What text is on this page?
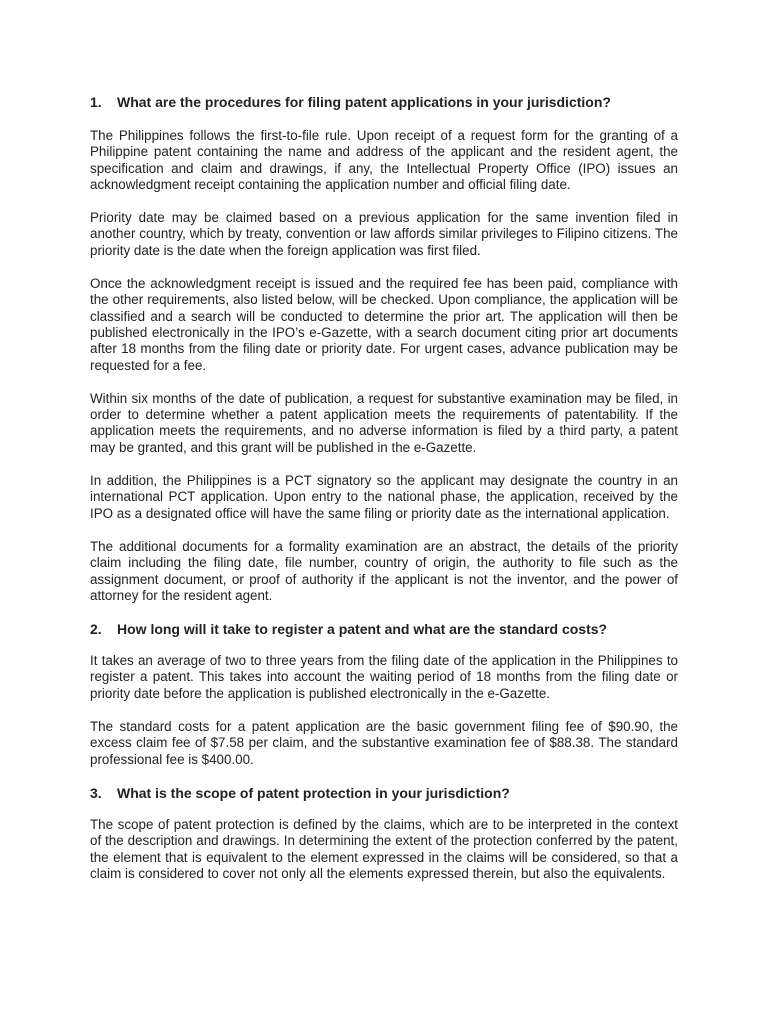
1.	What are the procedures for filing patent applications in your jurisdiction?

The Philippines follows the first-to-file rule. Upon receipt of a request form for the granting of a Philippine patent containing the name and address of the applicant and the resident agent, the specification and claim and drawings, if any, the Intellectual Property Office (IPO) issues an acknowledgment receipt containing the application number and official filing date.

Priority date may be claimed based on a previous application for the same invention filed in another country, which by treaty, convention or law affords similar privileges to Filipino citizens. The priority date is the date when the foreign application was first filed.

Once the acknowledgment receipt is issued and the required fee has been paid, compliance with the other requirements, also listed below, will be checked. Upon compliance, the application will be classified and a search will be conducted to determine the prior art. The application will then be published electronically in the IPO’s e-Gazette, with a search document citing prior art documents after 18 months from the filing date or priority date. For urgent cases, advance publication may be requested for a fee.

Within six months of the date of publication, a request for substantive examination may be filed, in order to determine whether a patent application meets the requirements of patentability. If the application meets the requirements, and no adverse information is filed by a third party, a patent may be granted, and this grant will be published in the e-Gazette.

In addition, the Philippines is a PCT signatory so the applicant may designate the country in an international PCT application. Upon entry to the national phase, the application, received by the IPO as a designated office will have the same filing or priority date as the international application.

The additional documents for a formality examination are an abstract, the details of the priority claim including the filing date, file number, country of origin, the authority to file such as the assignment document, or proof of authority if the applicant is not the inventor, and the power of attorney for the resident agent.

2.	How long will it take to register a patent and what are the standard costs?

It takes an average of two to three years from the filing date of the application in the Philippines to register a patent. This takes into account the waiting period of 18 months from the filing date or priority date before the application is published electronically in the e-Gazette.

The standard costs for a patent application are the basic government filing fee of $90.90, the excess claim fee of $7.58 per claim, and the substantive examination fee of $88.38. The standard professional fee is $400.00.

3.	What is the scope of patent protection in your jurisdiction?

The scope of patent protection is defined by the claims, which are to be interpreted in the context of the description and drawings. In determining the extent of the protection conferred by the patent, the element that is equivalent to the element expressed in the claims will be considered, so that a claim is considered to cover not only all the elements expressed therein, but also the equivalents.
